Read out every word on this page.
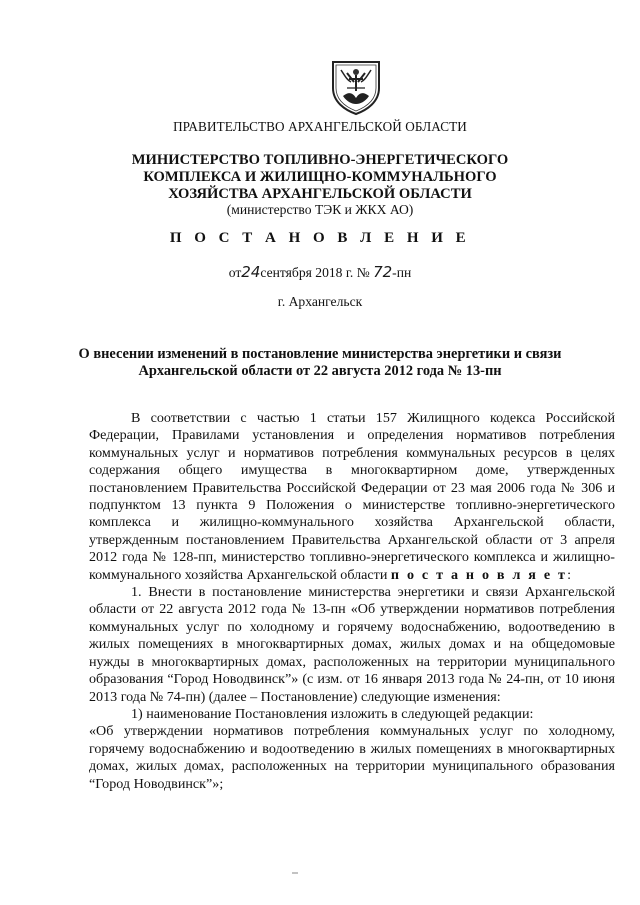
ПРАВИТЕЛЬСТВО АРХАНГЕЛЬСКОЙ ОБЛАСТИ
МИНИСТЕРСТВО ТОПЛИВНО-ЭНЕРГЕТИЧЕСКОГО
КОМПЛЕКСА И ЖИЛИЩНО-КОММУНАЛЬНОГО
ХОЗЯЙСТВА АРХАНГЕЛЬСКОЙ ОБЛАСТИ
(министерство ТЭК и ЖКХ АО)
П О С Т А Н О В Л Е Н И Е
от24сентября 2018 г. № 72-пн
г. Архангельск
О внесении изменений в постановление министерства энергетики и связи
Архангельской области от 22 августа 2012 года № 13-пн

В соответствии с частью 1 статьи 157 Жилищного кодекса Российской Федерации, Правилами установления и определения нормативов потребления коммунальных услуг и нормативов потребления коммунальных ресурсов в целях содержания общего имущества в многоквартирном доме, утвержденных постановлением Правительства Российской Федерации от 23 мая 2006 года № 306 и подпунктом 13 пункта 9 Положения о министерстве топливно-энергетического комплекса и жилищно-коммунального хозяйства Архангельской области, утвержденным постановлением Правительства Архангельской области от 3 апреля 2012 года № 128-пп, министерство топливно-энергетического комплекса и жилищно-коммунального хозяйства Архангельской области п о с т а н о в л я е т:

1. Внести в постановление министерства энергетики и связи Архангельской области от 22 августа 2012 года № 13-пн «Об утверждении нормативов потребления коммунальных услуг по холодному и горячему водоснабжению, водоотведению в жилых помещениях в многоквартирных домах, жилых домах и на общедомовые нужды в многоквартирных домах, расположенных на территории муниципального образования “Город Новодвинск”» (с изм. от 16 января 2013 года № 24-пн, от 10 июня 2013 года № 74-пн) (далее – Постановление) следующие изменения:

1) наименование Постановления изложить в следующей редакции:

«Об утверждении нормативов потребления коммунальных услуг по холодному, горячему водоснабжению и водоотведению в жилых помещениях в многоквартирных домах, жилых домах, расположенных на территории муниципального образования “Город Новодвинск”»;
